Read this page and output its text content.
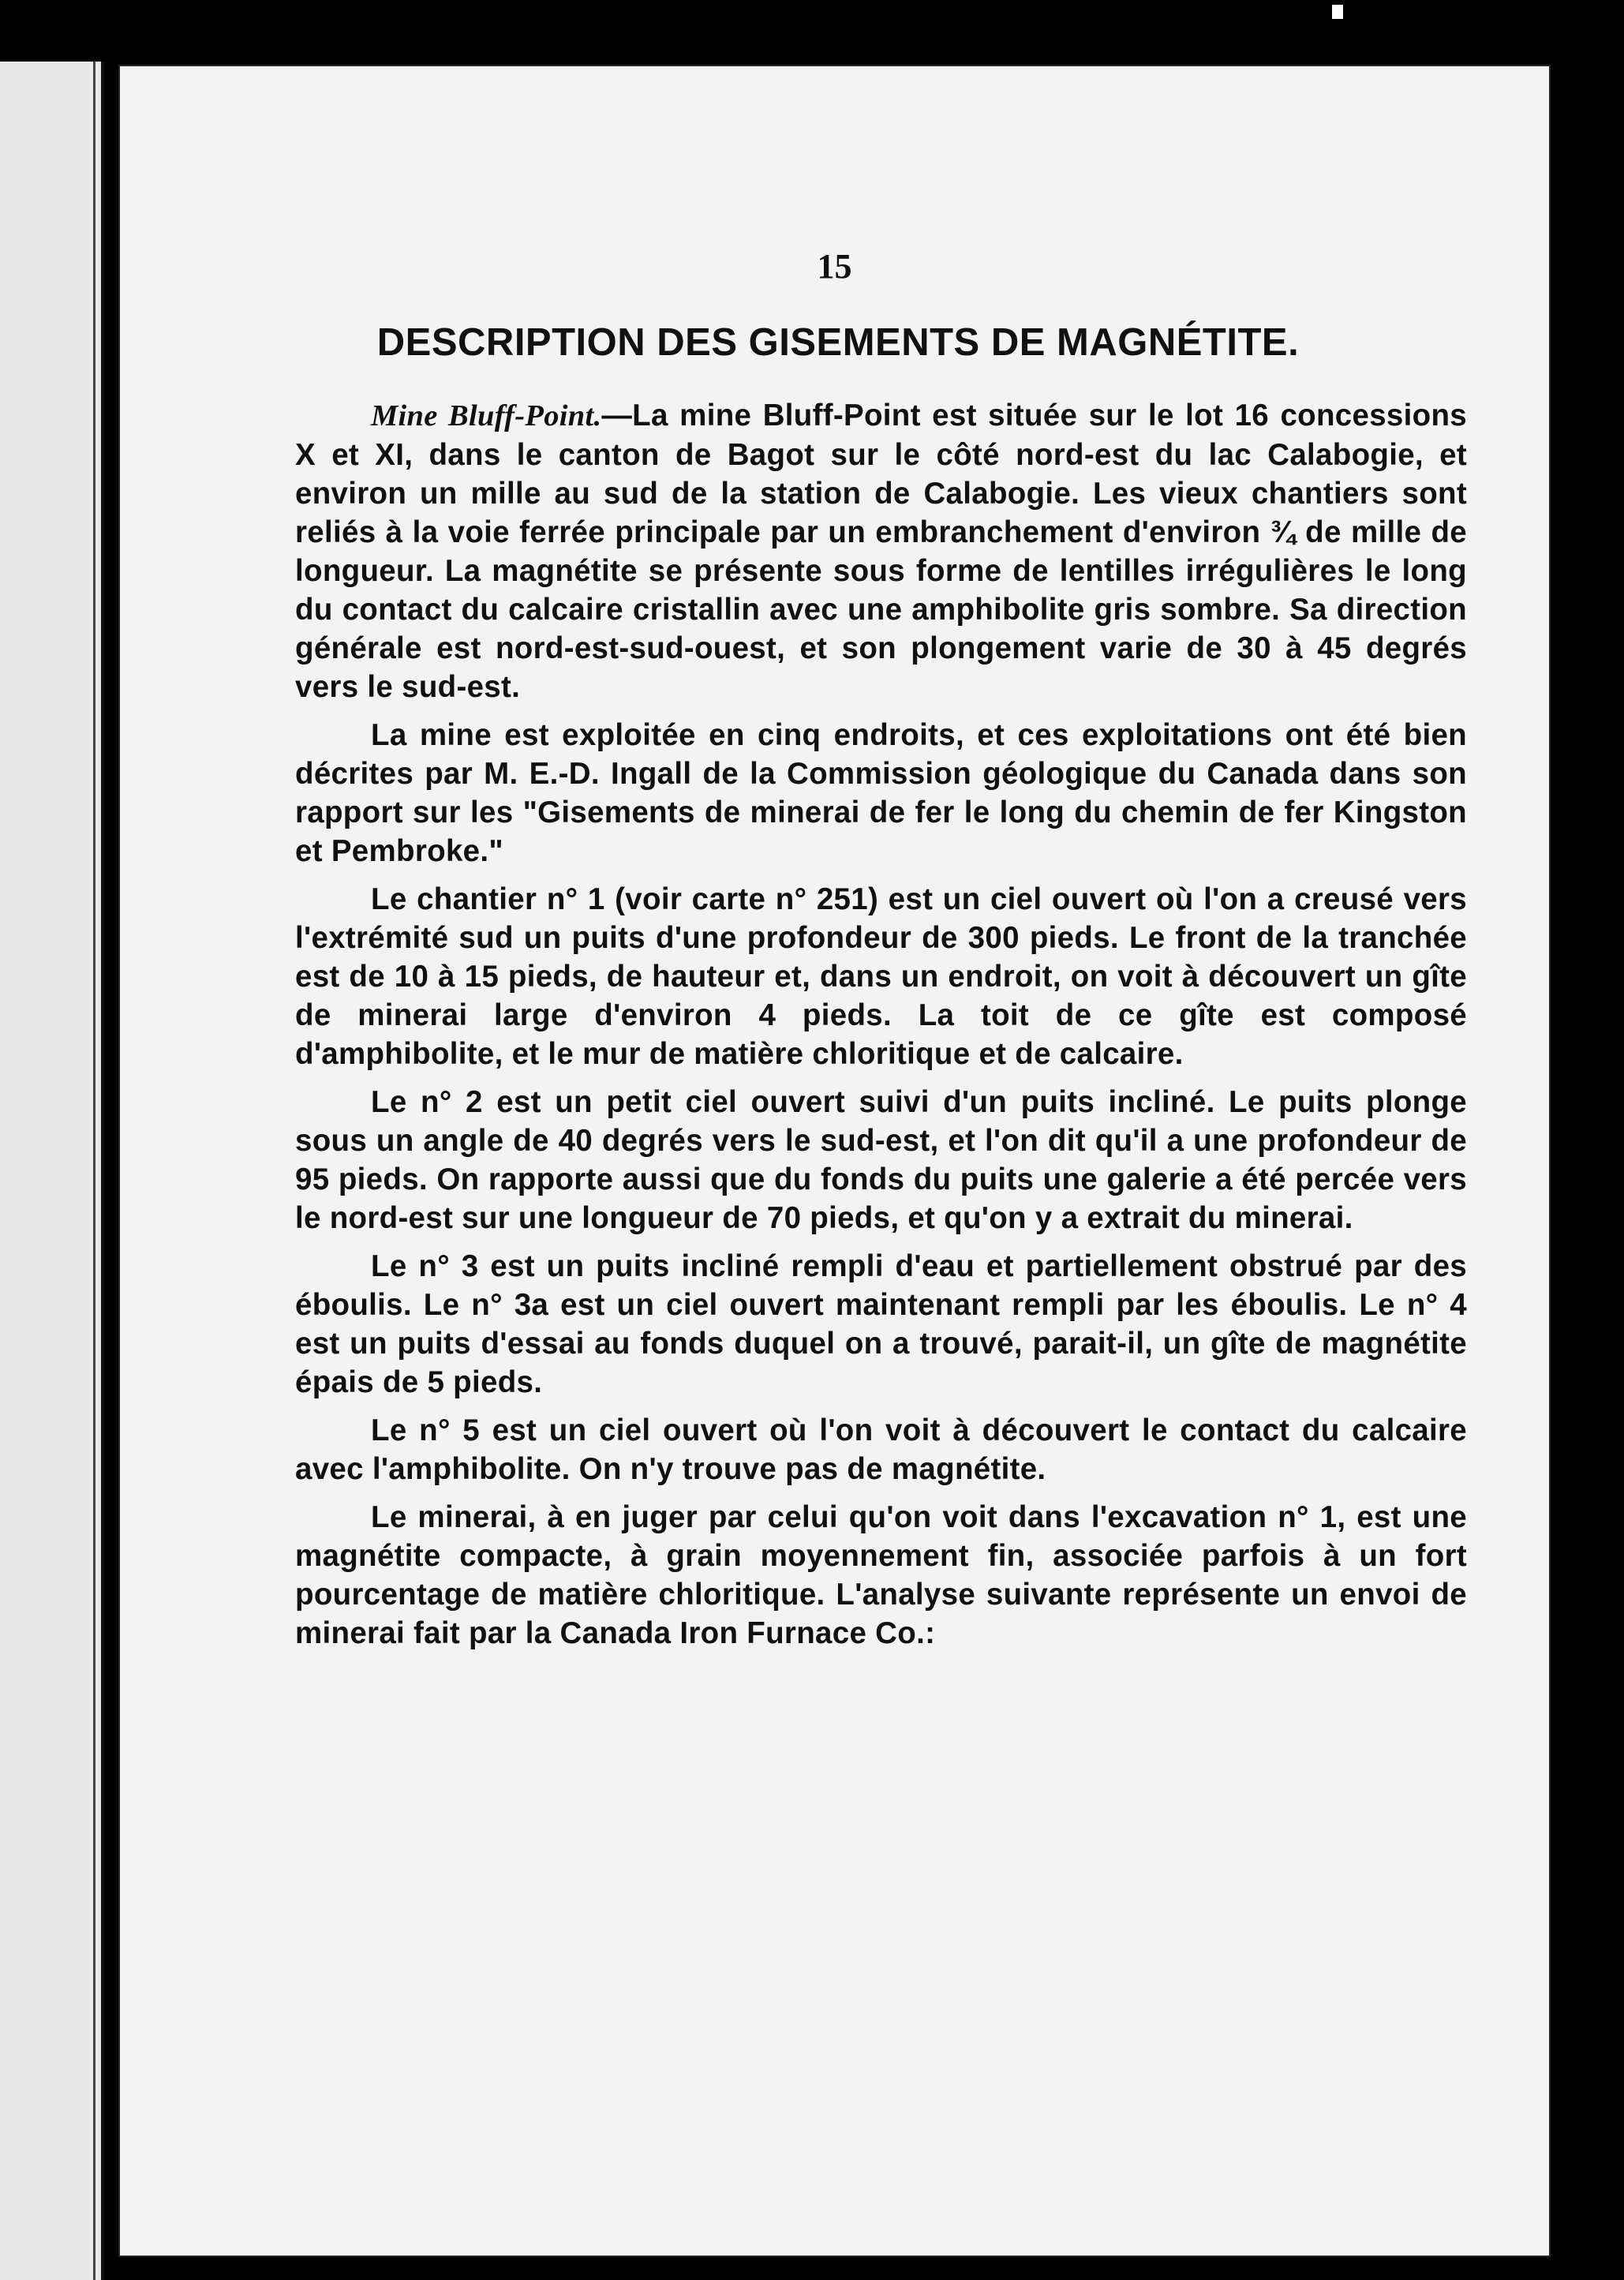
15
DESCRIPTION DES GISEMENTS DE MAGNÉTITE.

Mine Bluff-Point.—La mine Bluff-Point est située sur le lot 16 concessions X et XI, dans le canton de Bagot sur le côté nord-est du lac Calabogie, et environ un mille au sud de la station de Calabogie. Les vieux chantiers sont reliés à la voie ferrée principale par un embranchement d'environ ¾ de mille de longueur. La magnétite se présente sous forme de lentilles irrégulières le long du contact du calcaire cristallin avec une amphibolite gris sombre. Sa direction générale est nord-est-sud-ouest, et son plongement varie de 30 à 45 degrés vers le sud-est.

La mine est exploitée en cinq endroits, et ces exploitations ont été bien décrites par M. E.-D. Ingall de la Commission géologique du Canada dans son rapport sur les "Gisements de minerai de fer le long du chemin de fer Kingston et Pembroke."

Le chantier n° 1 (voir carte n° 251) est un ciel ouvert où l'on a creusé vers l'extrémité sud un puits d'une profondeur de 300 pieds. Le front de la tranchée est de 10 à 15 pieds, de hauteur et, dans un endroit, on voit à découvert un gîte de minerai large d'environ 4 pieds. La toit de ce gîte est composé d'amphibolite, et le mur de matière chloritique et de calcaire.

Le n° 2 est un petit ciel ouvert suivi d'un puits incliné. Le puits plonge sous un angle de 40 degrés vers le sud-est, et l'on dit qu'il a une profondeur de 95 pieds. On rapporte aussi que du fonds du puits une galerie a été percée vers le nord-est sur une longueur de 70 pieds, et qu'on y a extrait du minerai.

Le n° 3 est un puits incliné rempli d'eau et partiellement obstrué par des éboulis. Le n° 3a est un ciel ouvert maintenant rempli par les éboulis. Le n° 4 est un puits d'essai au fonds duquel on a trouvé, parait-il, un gîte de magnétite épais de 5 pieds.

Le n° 5 est un ciel ouvert où l'on voit à découvert le contact du calcaire avec l'amphibolite. On n'y trouve pas de magnétite.

Le minerai, à en juger par celui qu'on voit dans l'excavation n° 1, est une magnétite compacte, à grain moyennement fin, associée parfois à un fort pourcentage de matière chloritique. L'analyse suivante représente un envoi de minerai fait par la Canada Iron Furnace Co.:
